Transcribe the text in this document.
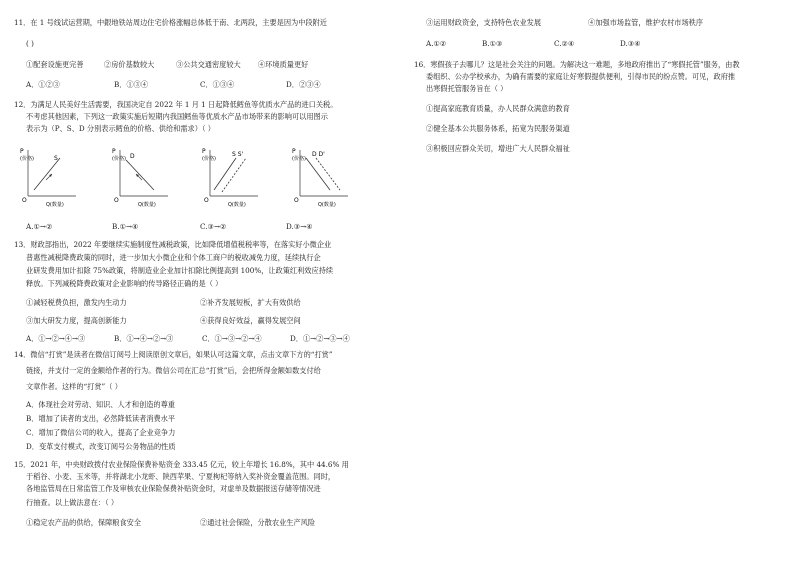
11．在 1 号线试运营期，中銀地铁站周边住宅价格涨幅总体低于南、北两段，主要是因为中段附近
( )
①配套设施更完善	②房价基数较大	③公共交通密度较大 ④环境质量更好
A．①②③	B．①③④	C．①③④	D．②③④
12．为满足人民美好生活需要，我国决定自 2022 年 1 月 1 日起降低鳕鱼等优质水产品的进口关税。
不考虑其他因素，下列这一政策实施后短期内我国鳕鱼等优质水产品市场带来的影响可以用图示
表示为（P、S、D 分别表示鳕鱼的价格、供给和需求）（ ）
P
(价格)	S
O
Q(数量)
P
(价格) D
O
Q(数量)
P
(价格)
S S'
O
Q(数量)
P
(价格)
D D'
O
Q(数量)
A.①→②	B.①→④	C.③→②	D.③→④
13．财政部指出，2022 年要继续实施制度性减税政策，比如降低增值税税率等，在落实好小微企业
普惠性减税降费政策的同时，进一步加大小微企业和个体工商户的税收减免力度，延续执行企
业研发费用加计扣除 75%政策，将制造业企业加计扣除比例提高到 100%，让政策红利效应持续
释放。下列减税降费政策对企业影响的传导路径正确的是（ ）
①减轻税费负担，激发内生动力	②补齐发展短板，扩大有效供给
③加大研发力度，提高创新能力	④获得良好效益，赢得发展空间
A．①→②→④→③	B．①→④→②→③	C．①→③→②→④	D．①→②→③→④
14．微信“打赏”是读者在微信订阅号上阅读原创文章后，如果认可这篇文章，点击文章下方的“打赏”
链接，并支付一定的金额给作者的行为。微信公司在汇总“打赏”后，会把所得金额如数支付给
文章作者。这样的“打赏”（ ）
A．体现社会对劳动、知识、人才和创造的尊重
B．增加了读者的支出，必然降低读者消费水平
C．增加了微信公司的收入，提高了企业竞争力
D．变革支付模式，改变订阅号公务物品的性质
15．2021 年，中央财政拨付农业保险保费补贴资金 333.45 亿元，较上年增长 16.8%，其中 44.6% 用
于稻谷、小麦、玉米等，并将湖北小龙虾、陕西苹果、宁夏枸杞等纳入奖补资金覆盖范围。同时，
各地监管局在日常监管工作及审核农业保险保费补贴资金时，对虚单及数据报送存储等情况进
行抽查。以上做法意在：（ ）
①稳定农产品的供给，保障粮食安全	②通过社会保险，分散农业生产风险
③运用财政资金，支持特色农业发展	④加强市场监管，维护农村市场秩序
A.①②	B.①③	C.②④	D.③④
16．寒假孩子去哪儿？这是社会关注的问题。为解决这一难题，多地政府推出了“寒假托管”服务，由教
委组织、公办学校承办，为确有需要的家庭让好寒假提供便利，引得市民的纷点赞。可见，政府推
出寒假托管服务旨在（ ）
①提高家庭教育质量，办人民群众满意的教育
②健全基本公共服务体系，拓宽为民服务渠道
③积极回应群众关切，增进广大人民群众福祉
